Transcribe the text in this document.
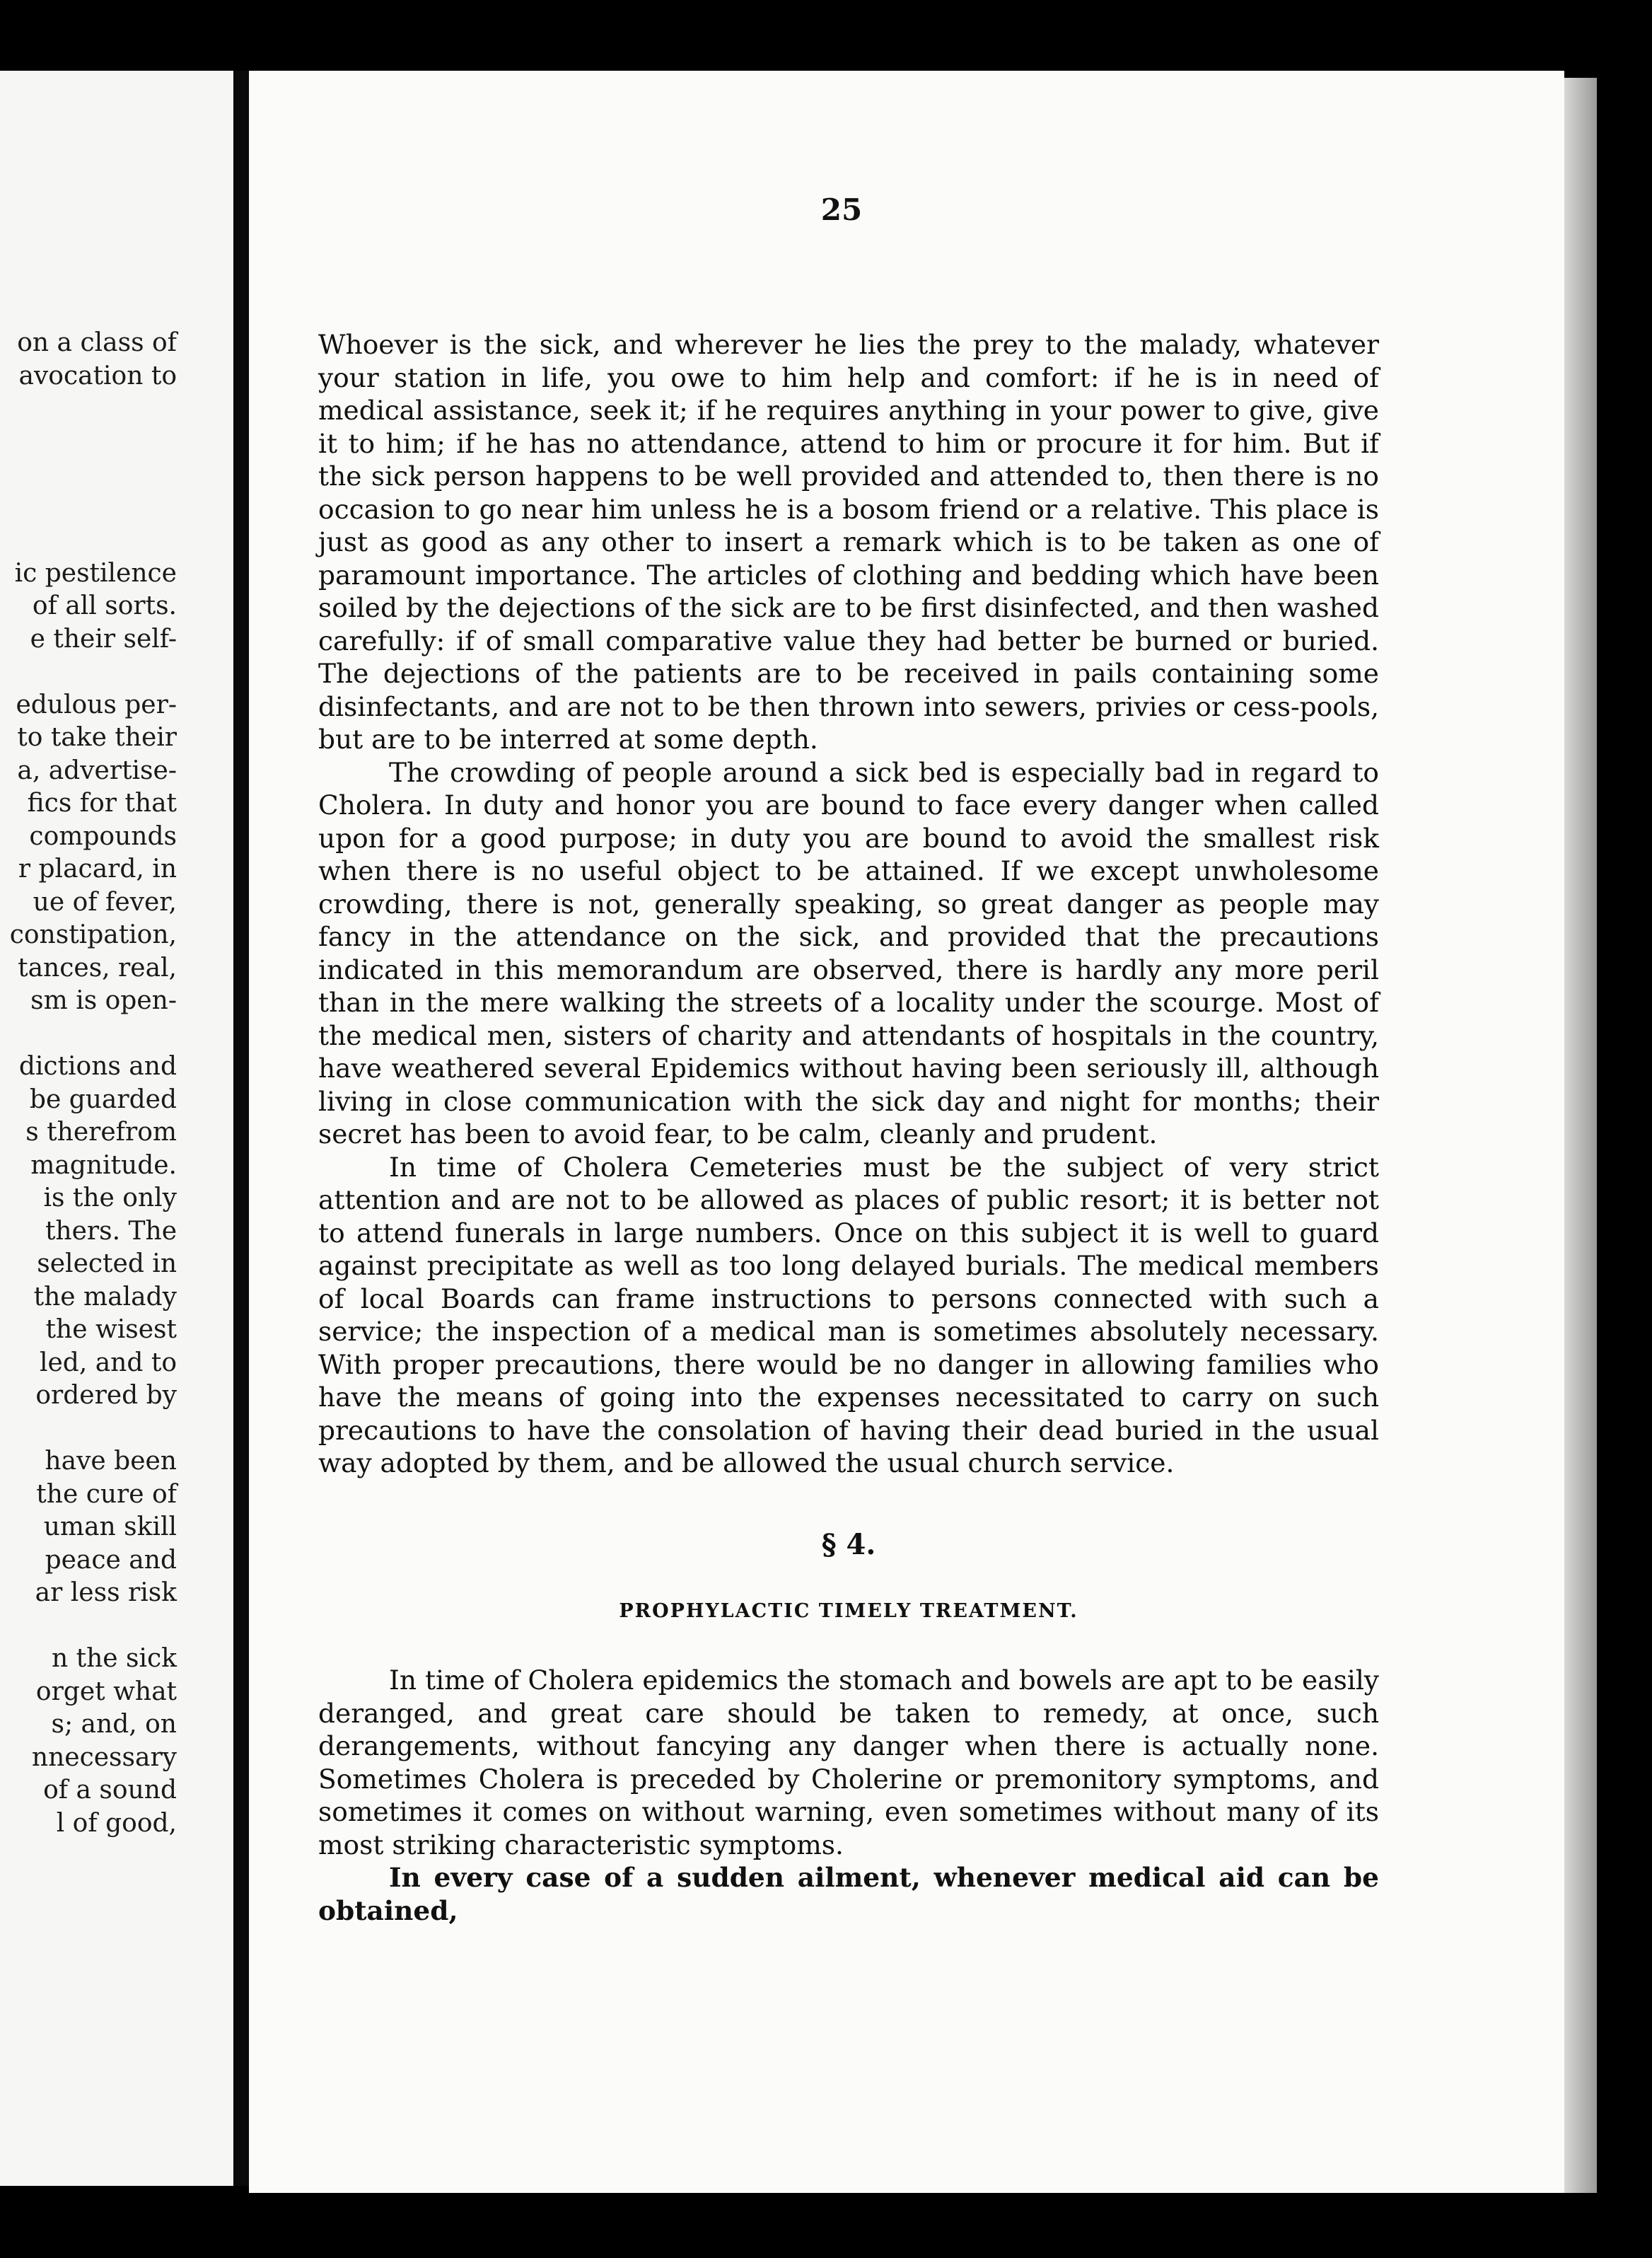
on a class of
avocation to
ic pestilence
of all sorts.
e their self-
edulous per-
to take their
a, advertise-
fics for that
compounds
r placard, in
ue of fever,
constipation,
tances, real,
sm is open-
dictions and
be guarded
s therefrom
magnitude.
is the only
thers. The
selected in
the malady
the wisest
led, and to
ordered by
have been
the cure of
uman skill
peace and
ar less risk
n the sick
orget what
s; and, on
nnecessary
of a sound
l of good,
25

Whoever is the sick, and wherever he lies the prey to the malady, whatever your station in life, you owe to him help and comfort: if he is in need of medical assistance, seek it; if he requires anything in your power to give, give it to him; if he has no attendance, attend to him or procure it for him. But if the sick person happens to be well provided and attended to, then there is no occasion to go near him unless he is a bosom friend or a relative. This place is just as good as any other to insert a remark which is to be taken as one of paramount importance. The articles of clothing and bedding which have been soiled by the dejections of the sick are to be first disinfected, and then washed carefully: if of small comparative value they had better be burned or buried. The dejections of the patients are to be received in pails containing some disinfectants, and are not to be then thrown into sewers, privies or cess-pools, but are to be interred at some depth.

The crowding of people around a sick bed is especially bad in regard to Cholera. In duty and honor you are bound to face every danger when called upon for a good purpose; in duty you are bound to avoid the smallest risk when there is no useful object to be attained. If we except unwholesome crowding, there is not, generally speaking, so great danger as people may fancy in the attendance on the sick, and provided that the precautions indicated in this memorandum are observed, there is hardly any more peril than in the mere walking the streets of a locality under the scourge. Most of the medical men, sisters of charity and attendants of hospitals in the country, have weathered several Epidemics without having been seriously ill, although living in close communication with the sick day and night for months; their secret has been to avoid fear, to be calm, cleanly and prudent.

In time of Cholera Cemeteries must be the subject of very strict attention and are not to be allowed as places of public resort; it is better not to attend funerals in large numbers. Once on this subject it is well to guard against precipitate as well as too long delayed burials. The medical members of local Boards can frame instructions to persons connected with such a service; the inspection of a medical man is sometimes absolutely necessary. With proper precautions, there would be no danger in allowing families who have the means of going into the expenses necessitated to carry on such precautions to have the consolation of having their dead buried in the usual way adopted by them, and be allowed the usual church service.

§ 4.
PROPHYLACTIC TIMELY TREATMENT.

In time of Cholera epidemics the stomach and bowels are apt to be easily deranged, and great care should be taken to remedy, at once, such derangements, without fancying any danger when there is actually none. Sometimes Cholera is preceded by Cholerine or premonitory symptoms, and sometimes it comes on without warning, even sometimes without many of its most striking characteristic symptoms.

In every case of a sudden ailment, whenever medical aid can be obtained,
